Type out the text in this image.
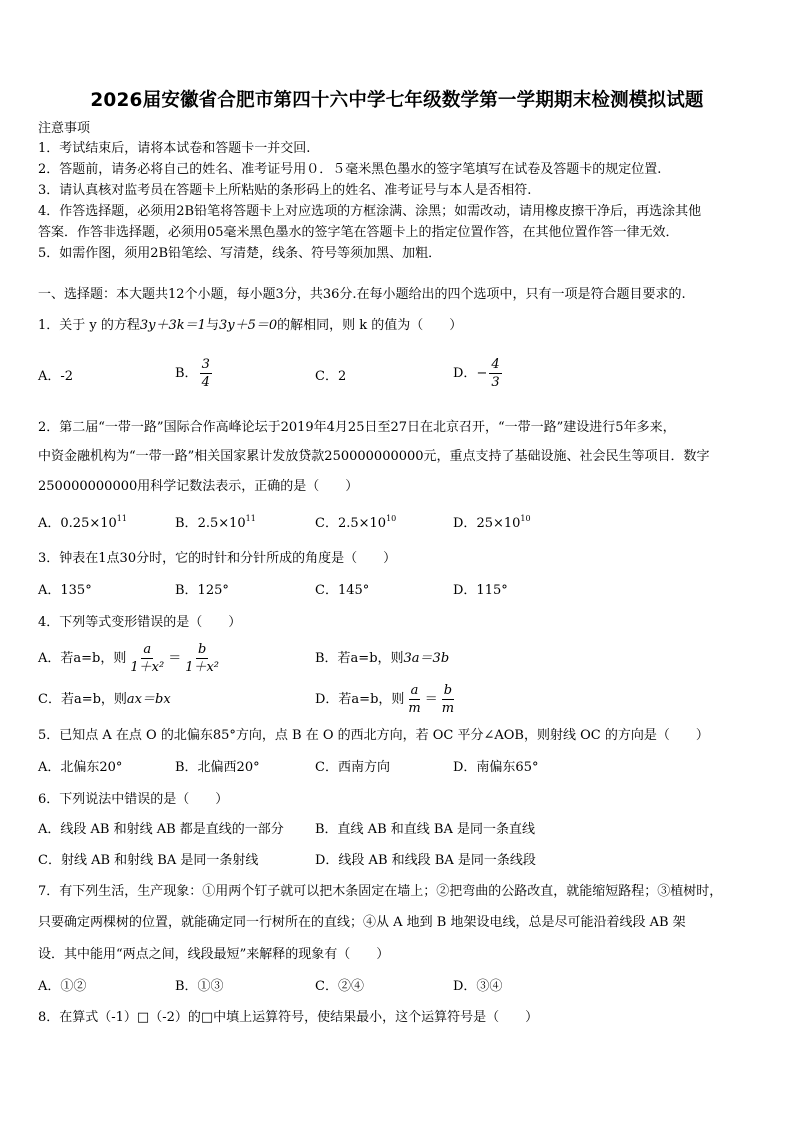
2026届安徽省合肥市第四十六中学七年级数学第一学期期末检测模拟试题
注意事项
1．考试结束后，请将本试卷和答题卡一并交回.
2．答题前，请务必将自己的姓名、准考证号用０．５毫米黑色墨水的签字笔填写在试卷及答题卡的规定位置.
3．请认真核对监考员在答题卡上所粘贴的条形码上的姓名、准考证号与本人是否相符.
4．作答选择题，必须用2B铅笔将答题卡上对应选项的方框涂满、涂黑；如需改动，请用橡皮擦干净后，再选涂其他
答案．作答非选择题，必须用05毫米黑色墨水的签字笔在答题卡上的指定位置作答，在其他位置作答一律无效．
5．如需作图，须用2B铅笔绘、写清楚，线条、符号等须加黑、加粗．
一、选择题：本大题共12个小题，每小题3分，共36分.在每小题给出的四个选项中，只有一项是符合题目要求的.
1．关于 y 的方程3y＋3k＝1与3y＋5＝0的解相同，则 k 的值为（　　）
A．-2	B． $\frac{3}{4}$	C．2	D．− $\frac{4}{3}$
2．第二届“一带一路”国际合作高峰论坛于2019年4月25日至27日在北京召开，“一带一路”建设进行5年多来，
中资金融机构为“一带一路”相关国家累计发放贷款250000000000元，重点支持了基础设施、社会民生等项目．数字
250000000000用科学记数法表示，正确的是（　　）
A．$0.25\times 10^{11}$	B．$2.5\times 10^{11}$	C．$2.5\times 10^{10}$	D．$25\times 10^{10}$
3．钟表在1点30分时，它的时针和分针所成的角度是（　　）
A．135°	B．125°	C．145°	D．115°
4．下列等式变形错误的是（　　）
A．若a=b，则 $\frac{a}{\text{1＋x²}} = \frac{b}{\text{1＋x²}}$	B．若a=b，则3a＝3b
C．若a=b，则ax＝bx	D．若a=b，则 $\frac{a}{m} = \frac{b}{m}$
5．已知点 A 在点 O 的北偏东85°方向，点 B 在 O 的西北方向，若 OC 平分∠AOB，则射线 OC 的方向是（　　）
A．北偏东20°	B．北偏西20°	C．西南方向	D．南偏东65°
6．下列说法中错误的是（　　）
A．线段 AB 和射线 AB 都是直线的一部分 B．直线 AB 和直线 BA 是同一条直线
C．射线 AB 和射线 BA 是同一条射线	D．线段 AB 和线段 BA 是同一条线段
7．有下列生活，生产现象：①用两个钉子就可以把木条固定在墙上；②把弯曲的公路改直，就能缩短路程；③植树时，
只要确定两棵树的位置，就能确定同一行树所在的直线；④从 A 地到 B 地架设电线，总是尽可能沿着线段 AB 架
设．其中能用“两点之间，线段最短”来解释的现象有（　　）
A．①②	B．①③	C．②④	D．③④
8．在算式（-1）□（-2）的□中填上运算符号，使结果最小，这个运算符号是（　　）
